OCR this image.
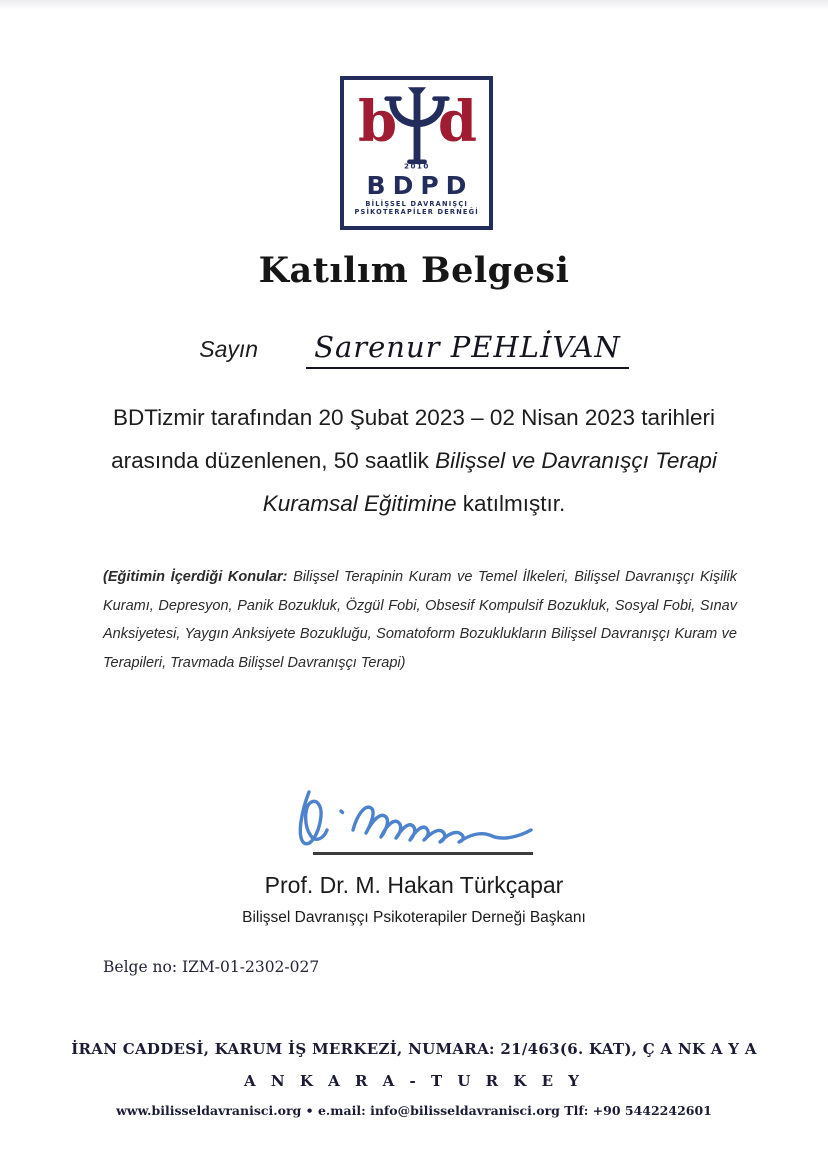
b d
2010
BDPD
BİLİŞSEL DAVRANIŞÇI
PSİKOTERAPİLER DERNEĞİ
Katılım Belgesi
Sayın Sarenur PEHLİVAN
BDTizmir tarafından 20 Şubat 2023 – 02 Nisan 2023 tarihleri
arasında düzenlenen, 50 saatlik Bilişsel ve Davranışçı Terapi
Kuramsal Eğitimine katılmıştır.
(Eğitimin İçerdiği Konular: Bilişsel Terapinin Kuram ve Temel İlkeleri, Bilişsel Davranışçı Kişilik Kuramı, Depresyon, Panik Bozukluk, Özgül Fobi, Obsesif Kompulsif Bozukluk, Sosyal Fobi, Sınav Anksiyetesi, Yaygın Anksiyete Bozukluğu, Somatoform Bozuklukların Bilişsel Davranışçı Kuram ve Terapileri, Travmada Bilişsel Davranışçı Terapi)
Prof. Dr. M. Hakan Türkçapar
Bilişsel Davranışçı Psikoterapiler Derneği Başkanı
Belge no: IZM-01-2302-027
İRAN CADDESİ, KARUM İŞ MERKEZİ, NUMARA: 21/463(6. KAT), Ç A NK A Y A
A N K A R A - T U R K E Y
www.bilisseldavranisci.org • e.mail: info@bilisseldavranisci.org Tlf: +90 5442242601
